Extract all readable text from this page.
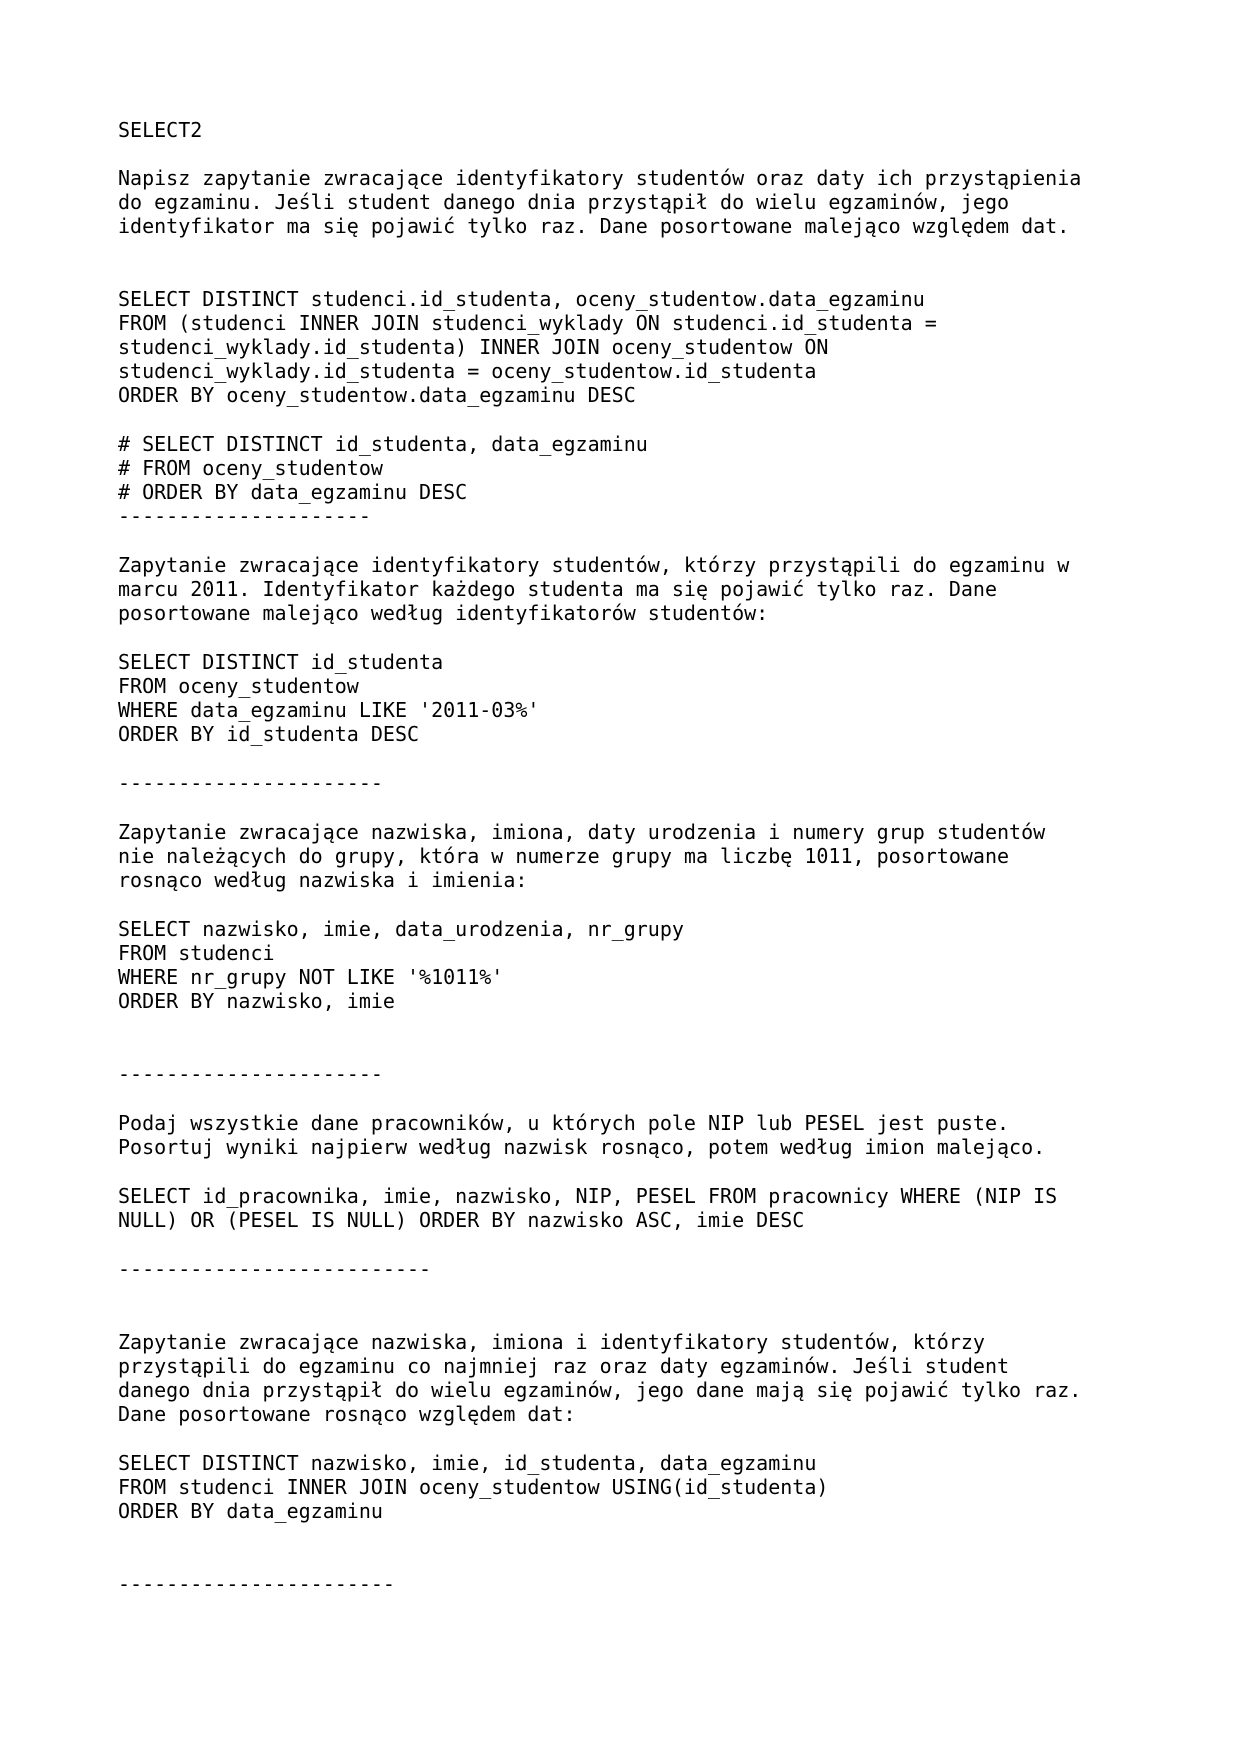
SELECT2

Napisz zapytanie zwracające identyfikatory studentów oraz daty ich przystąpienia

do egzaminu. Jeśli student danego dnia przystąpił do wielu egzaminów, jego

identyfikator ma się pojawić tylko raz. Dane posortowane malejąco względem dat.

SELECT DISTINCT studenci.id_studenta, oceny_studentow.data_egzaminu

FROM (studenci INNER JOIN studenci_wyklady ON studenci.id_studenta =

studenci_wyklady.id_studenta) INNER JOIN oceny_studentow ON

studenci_wyklady.id_studenta = oceny_studentow.id_studenta

ORDER BY oceny_studentow.data_egzaminu DESC

# SELECT DISTINCT id_studenta, data_egzaminu

# FROM oceny_studentow

# ORDER BY data_egzaminu DESC

---------------------

Zapytanie zwracające identyfikatory studentów, którzy przystąpili do egzaminu w

marcu 2011. Identyfikator każdego studenta ma się pojawić tylko raz. Dane

posortowane malejąco według identyfikatorów studentów:

SELECT DISTINCT id_studenta

FROM oceny_studentow

WHERE data_egzaminu LIKE '2011-03%'

ORDER BY id_studenta DESC

----------------------

Zapytanie zwracające nazwiska, imiona, daty urodzenia i numery grup studentów

nie należących do grupy, która w numerze grupy ma liczbę 1011, posortowane

rosnąco według nazwiska i imienia:

SELECT nazwisko, imie, data_urodzenia, nr_grupy

FROM studenci

WHERE nr_grupy NOT LIKE '%1011%'

ORDER BY nazwisko, imie

----------------------

Podaj wszystkie dane pracowników, u których pole NIP lub PESEL jest puste.

Posortuj wyniki najpierw według nazwisk rosnąco, potem według imion malejąco.

SELECT id_pracownika, imie, nazwisko, NIP, PESEL FROM pracownicy WHERE (NIP IS

NULL) OR (PESEL IS NULL) ORDER BY nazwisko ASC, imie DESC

--------------------------

Zapytanie zwracające nazwiska, imiona i identyfikatory studentów, którzy

przystąpili do egzaminu co najmniej raz oraz daty egzaminów. Jeśli student

danego dnia przystąpił do wielu egzaminów, jego dane mają się pojawić tylko raz.

Dane posortowane rosnąco względem dat:

SELECT DISTINCT nazwisko, imie, id_studenta, data_egzaminu

FROM studenci INNER JOIN oceny_studentow USING(id_studenta)

ORDER BY data_egzaminu

-----------------------
